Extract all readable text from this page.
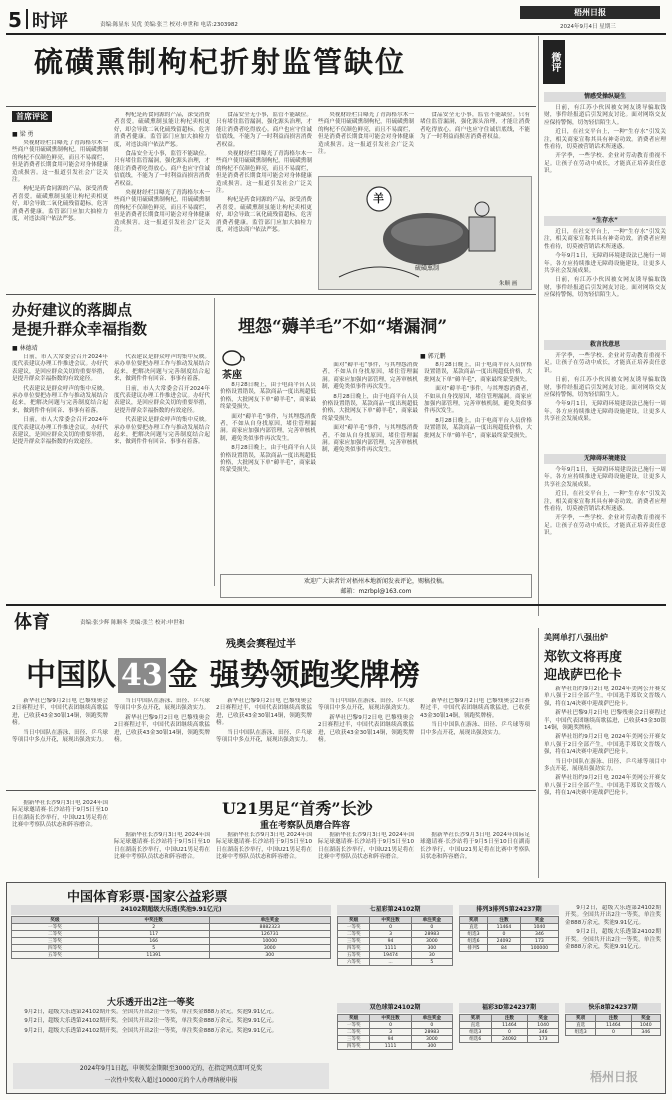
5 时评	责编:陈显东 吴优 美编:张兰 校对:申世和 电话:2303982
梧州日报
2024年9月4日 星期三
硫磺熏制枸杞折射监管缺位
首席评论
■ 梁 勇

央视财经栏目曝光了青海格尔木一些商户使用硫磺熏制枸杞，用硫磺熏制的枸杞不仅颜色鲜亮，而且不易腐烂，但是消费者长期食用可能会对身体健康造成损害。这一报道引发社会广泛关注。

枸杞是药食同源的产品，深受消费者喜爱。硫磺熏制虽能让枸杞卖相更好，却会导致二氧化硫残留超标，危害消费者健康。监管部门应加大抽检力度，对违法商户依法严惩。

枸杞是药食同源的产品，深受消费者喜爱。硫磺熏制虽能让枸杞卖相更好，却会导致二氧化硫残留超标，危害消费者健康。监管部门应加大抽检力度，对违法商户依法严惩。

食品安全无小事，监管不能缺位。只有堵住监管漏洞，强化源头治理，才能让消费者吃得放心。商户也应守住诚信底线，不能为了一时利益而损害消费者权益。

央视财经栏目曝光了青海格尔木一些商户使用硫磺熏制枸杞，用硫磺熏制的枸杞不仅颜色鲜亮，而且不易腐烂，但是消费者长期食用可能会对身体健康造成损害。这一报道引发社会广泛关注。

食品安全无小事，监管不能缺位。只有堵住监管漏洞，强化源头治理，才能让消费者吃得放心。商户也应守住诚信底线，不能为了一时利益而损害消费者权益。

央视财经栏目曝光了青海格尔木一些商户使用硫磺熏制枸杞，用硫磺熏制的枸杞不仅颜色鲜亮，而且不易腐烂，但是消费者长期食用可能会对身体健康造成损害。这一报道引发社会广泛关注。

枸杞是药食同源的产品，深受消费者喜爱。硫磺熏制虽能让枸杞卖相更好，却会导致二氧化硫残留超标，危害消费者健康。监管部门应加大抽检力度，对违法商户依法严惩。

央视财经栏目曝光了青海格尔木一些商户使用硫磺熏制枸杞，用硫磺熏制的枸杞不仅颜色鲜亮，而且不易腐烂，但是消费者长期食用可能会对身体健康造成损害。这一报道引发社会广泛关注。

食品安全无小事，监管不能缺位。只有堵住监管漏洞，强化源头治理，才能让消费者吃得放心。商户也应守住诚信底线，不能为了一时利益而损害消费者权益。

羊
硫磺熏制
朱顺 画
微评
情感受操纵疑生

日前，有江苏小伙因被女网友诱导骗取钱财，事件经报道后引发网友讨论。面对网络交友应保持警惕，切勿轻信陌生人。

近日，在社交平台上，一种“生存水”引发关注，相关商家宣称其具有神奇功效。消费者应理性看待，切莫被营销话术所迷惑。

开学季，一些学校、企业对劳动教育重视不足。让孩子在劳动中成长，才能真正培养责任意识。

“生存水”

近日，在社交平台上，一种“生存水”引发关注，相关商家宣称其具有神奇功效。消费者应理性看待，切莫被营销话术所迷惑。

今年9月1日，无障碍环境建设法已施行一周年。各方应持续推进无障碍设施建设，让更多人共享社会发展成果。

日前，有江苏小伙因被女网友诱导骗取钱财，事件经报道后引发网友讨论。面对网络交友应保持警惕，切勿轻信陌生人。

救言找意思

开学季，一些学校、企业对劳动教育重视不足。让孩子在劳动中成长，才能真正培养责任意识。

日前，有江苏小伙因被女网友诱导骗取钱财，事件经报道后引发网友讨论。面对网络交友应保持警惕，切勿轻信陌生人。

今年9月1日，无障碍环境建设法已施行一周年。各方应持续推进无障碍设施建设，让更多人共享社会发展成果。

无障碍环境建设

今年9月1日，无障碍环境建设法已施行一周年。各方应持续推进无障碍设施建设，让更多人共享社会发展成果。

近日，在社交平台上，一种“生存水”引发关注，相关商家宣称其具有神奇功效。消费者应理性看待，切莫被营销话术所迷惑。

开学季，一些学校、企业对劳动教育重视不足。让孩子在劳动中成长，才能真正培养责任意识。

办好建议的落脚点
是提升群众幸福指数
■ 林德靖

日前，市人大常委会召开2024年度代表建议办理工作推进会议。办好代表建议，是回应群众关切的重要举措，是提升群众幸福指数的有效途径。

代表建议是群众呼声的集中反映。承办单位要把办理工作与推动发展结合起来，把解决问题与完善制度结合起来，做到件件有回音、事事有着落。

日前，市人大常委会召开2024年度代表建议办理工作推进会议。办好代表建议，是回应群众关切的重要举措，是提升群众幸福指数的有效途径。

代表建议是群众呼声的集中反映。承办单位要把办理工作与推动发展结合起来，把解决问题与完善制度结合起来，做到件件有回音、事事有着落。

日前，市人大常委会召开2024年度代表建议办理工作推进会议。办好代表建议，是回应群众关切的重要举措，是提升群众幸福指数的有效途径。

代表建议是群众呼声的集中反映。承办单位要把办理工作与推动发展结合起来，把解决问题与完善制度结合起来，做到件件有回音、事事有着落。

埋怨“薅羊毛”不如“堵漏洞”
茶座
■ 郭元鹏

8月28日晚上，由于电商平台人员价格设置错误，某款商品一度出现超低价格，大批网友下单“薅羊毛”，商家最终蒙受损失。

面对“薅羊毛”事件，与其埋怨消费者，不如从自身找原因，堵住管理漏洞。商家应加强内部管理，完善审核机制，避免类似事件再次发生。

8月28日晚上，由于电商平台人员价格设置错误，某款商品一度出现超低价格，大批网友下单“薅羊毛”，商家最终蒙受损失。

面对“薅羊毛”事件，与其埋怨消费者，不如从自身找原因，堵住管理漏洞。商家应加强内部管理，完善审核机制，避免类似事件再次发生。

8月28日晚上，由于电商平台人员价格设置错误，某款商品一度出现超低价格，大批网友下单“薅羊毛”，商家最终蒙受损失。

面对“薅羊毛”事件，与其埋怨消费者，不如从自身找原因，堵住管理漏洞。商家应加强内部管理，完善审核机制，避免类似事件再次发生。

8月28日晚上，由于电商平台人员价格设置错误，某款商品一度出现超低价格，大批网友下单“薅羊毛”，商家最终蒙受损失。

面对“薅羊毛”事件，与其埋怨消费者，不如从自身找原因，堵住管理漏洞。商家应加强内部管理，完善审核机制，避免类似事件再次发生。

8月28日晚上，由于电商平台人员价格设置错误，某款商品一度出现超低价格，大批网友下单“薅羊毛”，商家最终蒙受损失。

欢迎广大读者针对梧州本地新闻发表评论，赐稿投稿。
邮箱：mzrbpl@163.com
体育	责编:张少辉 陈顺冬 美编:张兰 校对:申世和
残奥会赛程过半
中国队 43 金 强势领跑奖牌榜

新华社巴黎9月2日电 巴黎残奥会2日赛程过半，中国代表团继续高歌猛进，已收获43金30银14铜，领跑奖牌榜。

当日中国队在游泳、田径、乒乓球等项目中多点开花，展现出强劲实力。

当日中国队在游泳、田径、乒乓球等项目中多点开花，展现出强劲实力。

新华社巴黎9月2日电 巴黎残奥会2日赛程过半，中国代表团继续高歌猛进，已收获43金30银14铜，领跑奖牌榜。

新华社巴黎9月2日电 巴黎残奥会2日赛程过半，中国代表团继续高歌猛进，已收获43金30银14铜，领跑奖牌榜。

当日中国队在游泳、田径、乒乓球等项目中多点开花，展现出强劲实力。

当日中国队在游泳、田径、乒乓球等项目中多点开花，展现出强劲实力。

新华社巴黎9月2日电 巴黎残奥会2日赛程过半，中国代表团继续高歌猛进，已收获43金30银14铜，领跑奖牌榜。

新华社巴黎9月2日电 巴黎残奥会2日赛程过半，中国代表团继续高歌猛进，已收获43金30银14铜，领跑奖牌榜。

当日中国队在游泳、田径、乒乓球等项目中多点开花，展现出强劲实力。

美网单打八强出炉
郑钦文将再度
迎战萨巴伦卡

新华社纽约9月2日电 2024年美网公开赛女单八强于2日全部产生，中国选手郑钦文晋级八强，将在1/4决赛中迎战萨巴伦卡。

新华社巴黎9月2日电 巴黎残奥会2日赛程过半，中国代表团继续高歌猛进，已收获43金30银14铜，领跑奖牌榜。

新华社纽约9月2日电 2024年美网公开赛女单八强于2日全部产生，中国选手郑钦文晋级八强，将在1/4决赛中迎战萨巴伦卡。

当日中国队在游泳、田径、乒乓球等项目中多点开花，展现出强劲实力。

新华社纽约9月2日电 2024年美网公开赛女单八强于2日全部产生，中国选手郑钦文晋级八强，将在1/4决赛中迎战萨巴伦卡。

U21男足“首秀”长沙
重在考察队员磨合阵容

据新华社长沙9月3日电 2024年国际足球邀请赛·长沙站将于9月5日至10日在湖南长沙举行，中国U21男足将在比赛中考察队员状态和阵容磨合。

据新华社长沙9月3日电 2024年国际足球邀请赛·长沙站将于9月5日至10日在湖南长沙举行，中国U21男足将在比赛中考察队员状态和阵容磨合。

据新华社长沙9月3日电 2024年国际足球邀请赛·长沙站将于9月5日至10日在湖南长沙举行，中国U21男足将在比赛中考察队员状态和阵容磨合。

据新华社长沙9月3日电 2024年国际足球邀请赛·长沙站将于9月5日至10日在湖南长沙举行，中国U21男足将在比赛中考察队员状态和阵容磨合。

据新华社长沙9月3日电 2024年国际足球邀请赛·长沙站将于9月5日至10日在湖南长沙举行，中国U21男足将在比赛中考察队员状态和阵容磨合。

中国体育彩票·国家公益彩票
24102期超级大乐透(奖池9.91亿元)
奖级	中奖注数	单注奖金
一等奖	2	8882323
二等奖	117	126731
三等奖	166	10000
四等奖	5	3000
五等奖	11391	300
大乐透开出2注一等奖

9月2日，超级大乐透第24102期开奖。全国共开出2注一等奖，单注奖金888万余元，奖池9.91亿元。

9月2日，超级大乐透第24102期开奖。全国共开出2注一等奖，单注奖金888万余元，奖池9.91亿元。

9月2日，超级大乐透第24102期开奖。全国共开出2注一等奖，单注奖金888万余元，奖池9.91亿元。

2024年9月1日起，申领奖金期限至3000元的，在指定网点即可兑奖
一次性中奖收入超过10000元的个人办理纳税申报
七星彩第24102期
奖级	中奖注数	单注奖金
一等奖	0	0
二等奖	3	28983
三等奖	94	3000
四等奖	1111	300
五等奖	19474	30
六等奖	...	5
双色球第24102期
奖级	中奖注数	单注奖金
一等奖	0	0
二等奖	3	28983
三等奖	94	3000
四等奖	1111	300
排列3排列5第24237期
奖项	注数	奖金
直选	11464	1040
组选3	0	346
组选6	24092	173
排列5	84	100000
福彩3D第24237期
奖项	注数	奖金
直选	11464	1040
组选3	0	346
组选6	24092	173
快乐8第24237期
奖项	注数	奖金
直选	11464	1040
组选3	0	346

9月2日，超级大乐透第24102期开奖。全国共开出2注一等奖，单注奖金888万余元，奖池9.91亿元。

9月2日，超级大乐透第24102期开奖。全国共开出2注一等奖，单注奖金888万余元，奖池9.91亿元。

梧州日报
